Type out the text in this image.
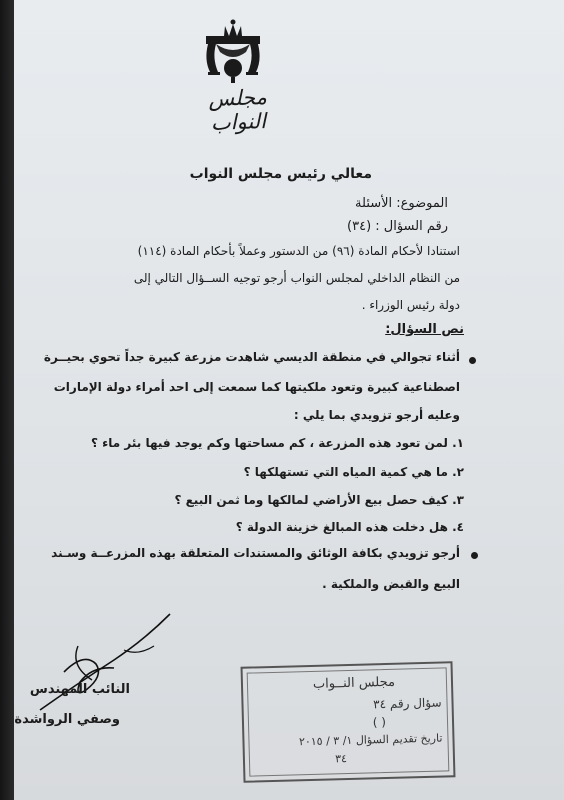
مجلس النواب
معالي رئيس مجلس النواب
الموضوع: الأسئلة
رقم السؤال : (٣٤)
استنادا لأحكام المادة (٩٦) من الدستور وعملاً بأحكام المادة (١١٤)
من النظام الداخلي لمجلس النواب أرجو توجيه الســؤال التالي إلى
دولة رئيس الوزراء .
نص السؤال:
أثناء تجوالي في منطقة الديسي شاهدت مزرعة كبيرة جداً تحوي بحيــرة
اصطناعية كبيرة وتعود ملكيتها كما سمعت إلى احد أمراء دولة الإمارات
وعليه أرجو تزويدي بما يلي :
١. لمن تعود هذه المزرعة ، كم مساحتها وكم يوجد فيها بئر ماء ؟
٢. ما هي كمية المياه التي تستهلكها ؟
٣. كيف حصل بيع الأراضي لمالكها وما ثمن البيع ؟
٤. هل دخلت هذه المبالغ خزينة الدولة ؟
أرجو تزويدي بكافة الوثائق والمستندات المتعلقة بهذه المزرعــة وسـند
البيع والقبض والملكية .
النائب المهندس
وصفي الرواشدة
مجلس النــواب
سؤال رقم ٣٤
( )
تاريخ تقديم السؤال ١/ ٣ / ٢٠١٥
٣٤
